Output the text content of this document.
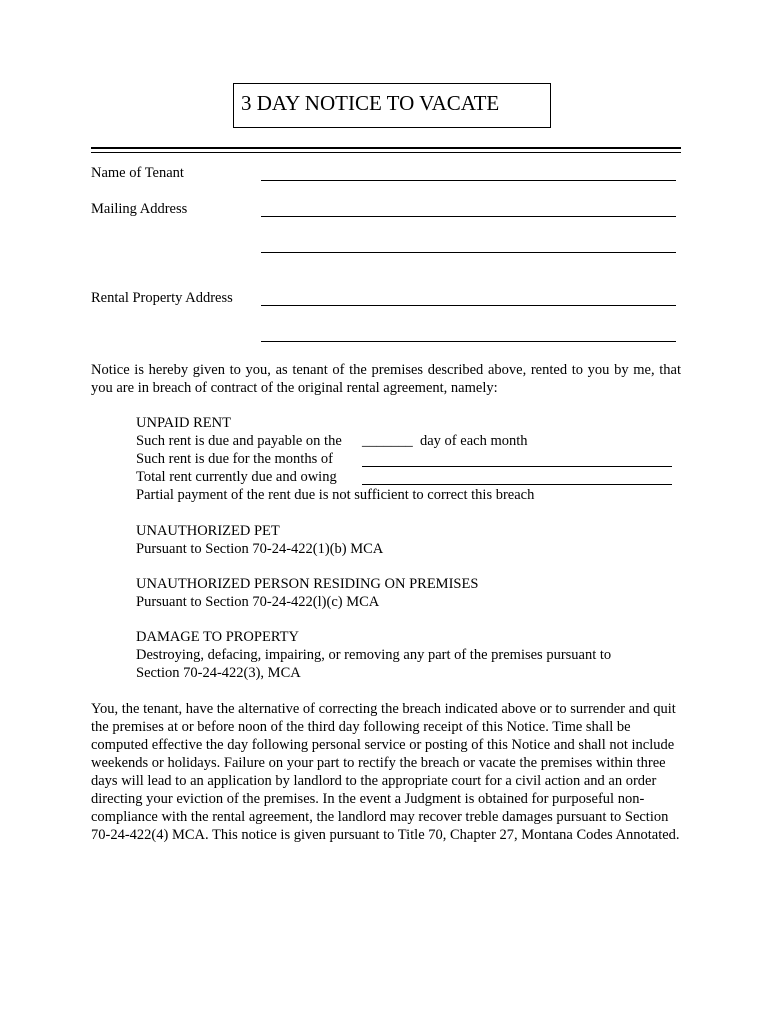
3 DAY NOTICE TO VACATE
Name of Tenant
Mailing Address
Rental Property Address
Notice is hereby given to you, as tenant of the premises described above, rented to you by me, that you are in breach of contract of the original rental agreement, namely:
UNPAID RENT
Such rent is due and payable on the _______ day of each month
Such rent is due for the months of
Total rent currently due and owing
Partial payment of the rent due is not sufficient to correct this breach
UNAUTHORIZED PET
Pursuant to Section 70-24-422(1)(b) MCA
UNAUTHORIZED PERSON RESIDING ON PREMISES
Pursuant to Section 70-24-422(l)(c) MCA
DAMAGE TO PROPERTY
Destroying, defacing, impairing, or removing any part of the premises pursuant to
Section 70-24-422(3), MCA
You, the tenant, have the alternative of correcting the breach indicated above or to surrender and quit the premises at or before noon of the third day following receipt of this Notice. Time shall be computed effective the day following personal service or posting of this Notice and shall not include weekends or holidays. Failure on your part to rectify the breach or vacate the premises within three days will lead to an application by landlord to the appropriate court for a civil action and an order directing your eviction of the premises. In the event a Judgment is obtained for purposeful non-compliance with the rental agreement, the landlord may recover treble damages pursuant to Section 70-24-422(4) MCA. This notice is given pursuant to Title 70, Chapter 27, Montana Codes Annotated.
